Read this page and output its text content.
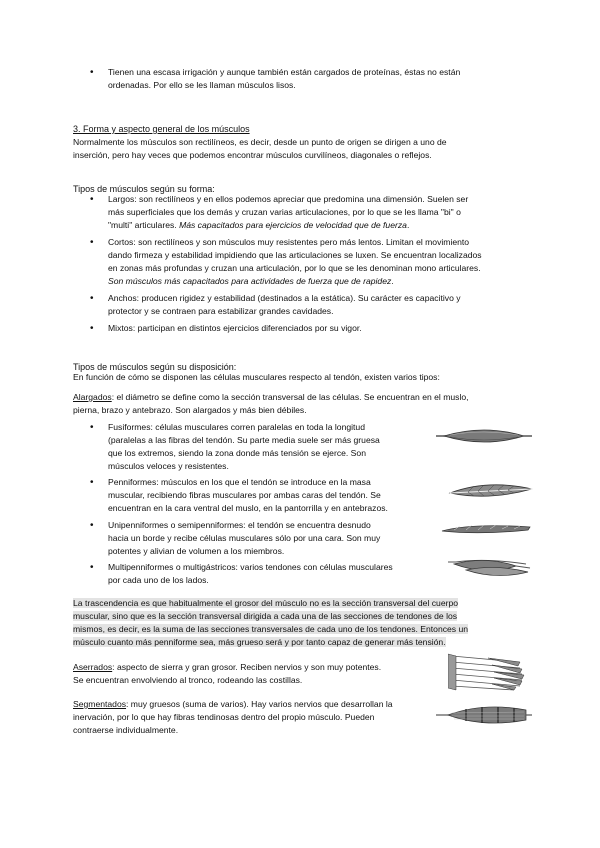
• Tienen una escasa irrigación y aunque también están cargados de proteínas, éstas no están

ordenadas. Por ello se les llaman músculos lisos.

3. Forma y aspecto general de los músculos

Normalmente los músculos son rectilíneos, es decir, desde un punto de origen se dirigen a uno de

inserción, pero hay veces que podemos encontrar músculos curvilíneos, diagonales o reflejos.

Tipos de músculos según su forma:

• Largos: son rectilíneos y en ellos podemos apreciar que predomina una dimensión. Suelen ser

más superficiales que los demás y cruzan varias articulaciones, por lo que se les llama "bi" o

"multi" articulares. Más capacitados para ejercicios de velocidad que de fuerza.

• Cortos: son rectilíneos y son músculos muy resistentes pero más lentos. Limitan el movimiento

dando firmeza y estabilidad impidiendo que las articulaciones se luxen. Se encuentran localizados

en zonas más profundas y cruzan una articulación, por lo que se les denominan mono articulares.

Son músculos más capacitados para actividades de fuerza que de rapidez.

• Anchos: producen rigidez y estabilidad (destinados a la estática). Su carácter es capacitivo y

protector y se contraen para estabilizar grandes cavidades.

• Mixtos: participan en distintos ejercicios diferenciados por su vigor.

Tipos de músculos según su disposición:

En función de cómo se disponen las células musculares respecto al tendón, existen varios tipos:

Alargados: el diámetro se define como la sección transversal de las células. Se encuentran en el muslo,

pierna, brazo y antebrazo. Son alargados y más bien débiles.

• Fusiformes: células musculares corren paralelas en toda la longitud

(paralelas a las fibras del tendón. Su parte media suele ser más gruesa

que los extremos, siendo la zona donde más tensión se ejerce. Son

músculos veloces y resistentes.

• Penniformes: músculos en los que el tendón se introduce en la masa

muscular, recibiendo fibras musculares por ambas caras del tendón. Se

encuentran en la cara ventral del muslo, en la pantorrilla y en antebrazos.

• Unipenniformes o semipenniformes: el tendón se encuentra desnudo

hacia un borde y recibe células musculares sólo por una cara. Son muy

potentes y alivian de volumen a los miembros.

• Multipenniformes o multigástricos: varios tendones con células musculares

por cada uno de los lados.

La trascendencia es que habitualmente el grosor del músculo no es la sección transversal del cuerpo

muscular, sino que es la sección transversal dirigida a cada una de las secciones de tendones de los

mismos, es decir, es la suma de las secciones transversales de cada uno de los tendones. Entonces un

músculo cuanto más penniforme sea, más grueso será y por tanto capaz de generar más tensión.

Aserrados: aspecto de sierra y gran grosor. Reciben nervios y son muy potentes.

Se encuentran envolviendo al tronco, rodeando las costillas.

Segmentados: muy gruesos (suma de varios). Hay varios nervios que desarrollan la

inervación, por lo que hay fibras tendinosas dentro del propio músculo. Pueden

contraerse individualmente.
